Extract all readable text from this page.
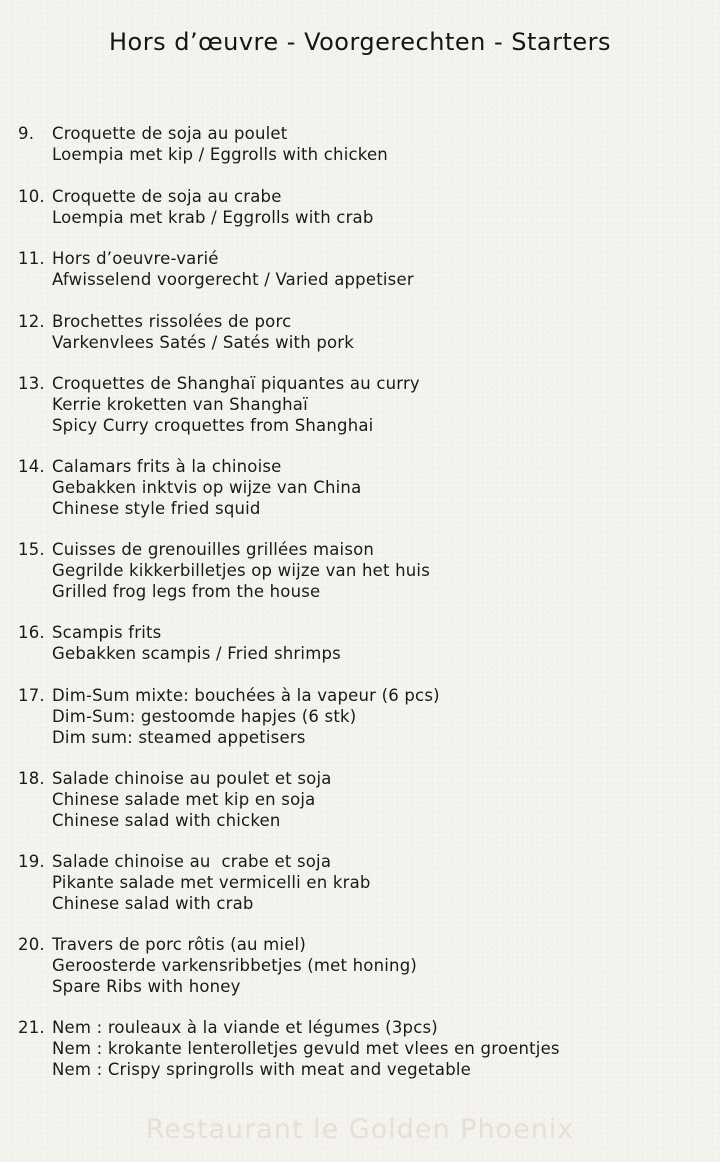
Hors d’œuvre - Voorgerechten - Starters
9.	Croquette de soja au poulet
Loempia met kip / Eggrolls with chicken
10. Croquette de soja au crabe
Loempia met krab / Eggrolls with crab
11. Hors d’oeuvre-varié
Afwisselend voorgerecht / Varied appetiser
12. Brochettes rissolées de porc
Varkenvlees Satés / Satés with pork
13. Croquettes de Shanghaï piquantes au curry
Kerrie kroketten van Shanghaï
Spicy Curry croquettes from Shanghai
14. Calamars frits à la chinoise
Gebakken inktvis op wijze van China
Chinese style fried squid
15. Cuisses de grenouilles grillées maison
Gegrilde kikkerbilletjes op wijze van het huis
Grilled frog legs from the house
16. Scampis frits
Gebakken scampis / Fried shrimps
17. Dim-Sum mixte: bouchées à la vapeur (6 pcs)
Dim-Sum: gestoomde hapjes (6 stk)
Dim sum: steamed appetisers
18. Salade chinoise au poulet et soja
Chinese salade met kip en soja
Chinese salad with chicken
19. Salade chinoise au  crabe et soja
Pikante salade met vermicelli en krab
Chinese salad with crab
20. Travers de porc rôtis (au miel)
Geroosterde varkensribbetjes (met honing)
Spare Ribs with honey
21. Nem : rouleaux à la viande et légumes (3pcs)
Nem : krokante lenterolletjes gevuld met vlees en groentjes
Nem : Crispy springrolls with meat and vegetable
Restaurant le Golden Phoenix
